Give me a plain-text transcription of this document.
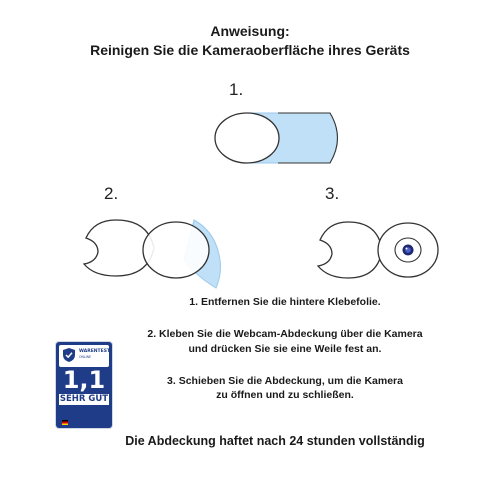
Anweisung:
Reinigen Sie die Kameraoberfläche ihres Geräts
1.
2.	3.
1. Entfernen Sie die hintere Klebefolie.
2. Kleben Sie die Webcam-Abdeckung über die Kamera
und drücken Sie sie eine Weile fest an.
3. Schieben Sie die Abdeckung, um die Kamera
zu öffnen und zu schließen.
WARENTEST
ONLINE
1,1
SEHR GUT
Die Abdeckung haftet nach 24 stunden vollständig
